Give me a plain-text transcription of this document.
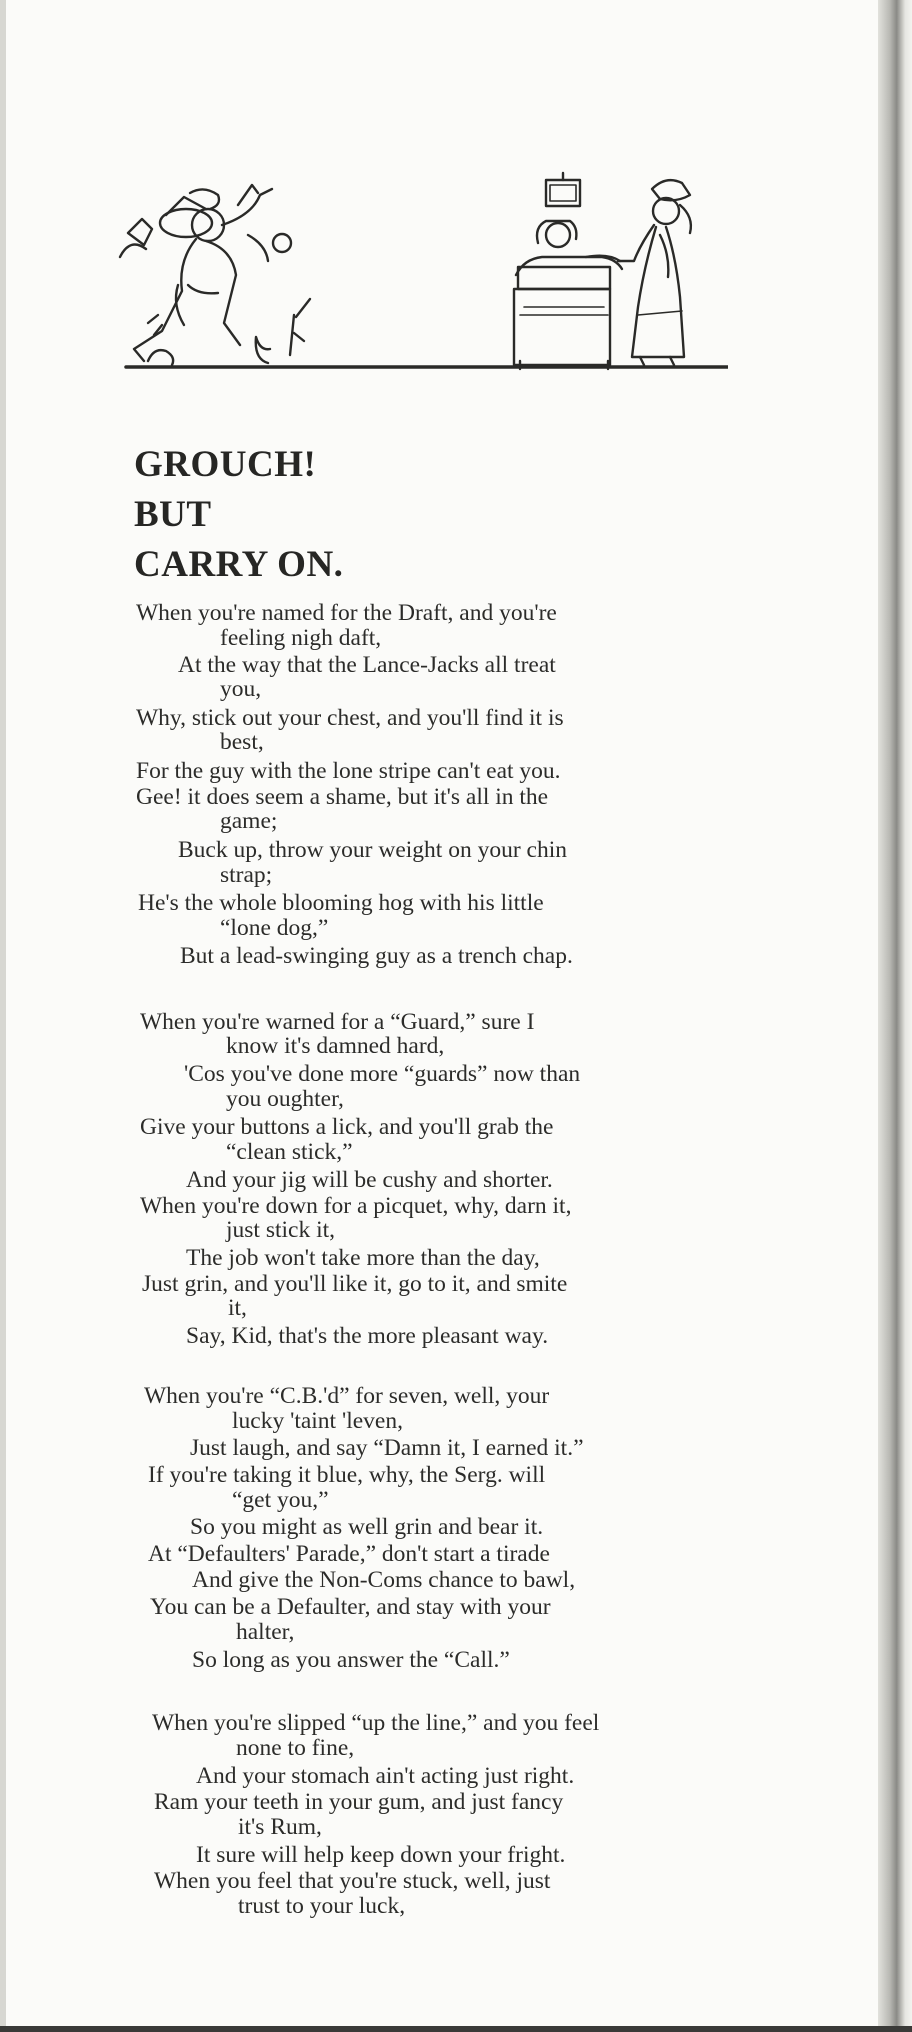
GROUCH!
BUT
CARRY ON.
When you're named for the Draft, and you're
feeling nigh daft,
At the way that the Lance-Jacks all treat
you,
Why, stick out your chest, and you'll find it is
best,
For the guy with the lone stripe can't eat you.
Gee! it does seem a shame, but it's all in the
game;
Buck up, throw your weight on your chin
strap;
He's the whole blooming hog with his little
“lone dog,”
But a lead-swinging guy as a trench chap.
When you're warned for a “Guard,” sure I
know it's damned hard,
'Cos you've done more “guards” now than
you oughter,
Give your buttons a lick, and you'll grab the
“clean stick,”
And your jig will be cushy and shorter.
When you're down for a picquet, why, darn it,
just stick it,
The job won't take more than the day,
Just grin, and you'll like it, go to it, and smite
it,
Say, Kid, that's the more pleasant way.
When you're “C.B.'d” for seven, well, your
lucky 'taint 'leven,
Just laugh, and say “Damn it, I earned it.”
If you're taking it blue, why, the Serg. will
“get you,”
So you might as well grin and bear it.
At “Defaulters' Parade,” don't start a tirade
And give the Non-Coms chance to bawl,
You can be a Defaulter, and stay with your
halter,
So long as you answer the “Call.”
When you're slipped “up the line,” and you feel
none to fine,
And your stomach ain't acting just right.
Ram your teeth in your gum, and just fancy
it's Rum,
It sure will help keep down your fright.
When you feel that you're stuck, well, just
trust to your luck,
